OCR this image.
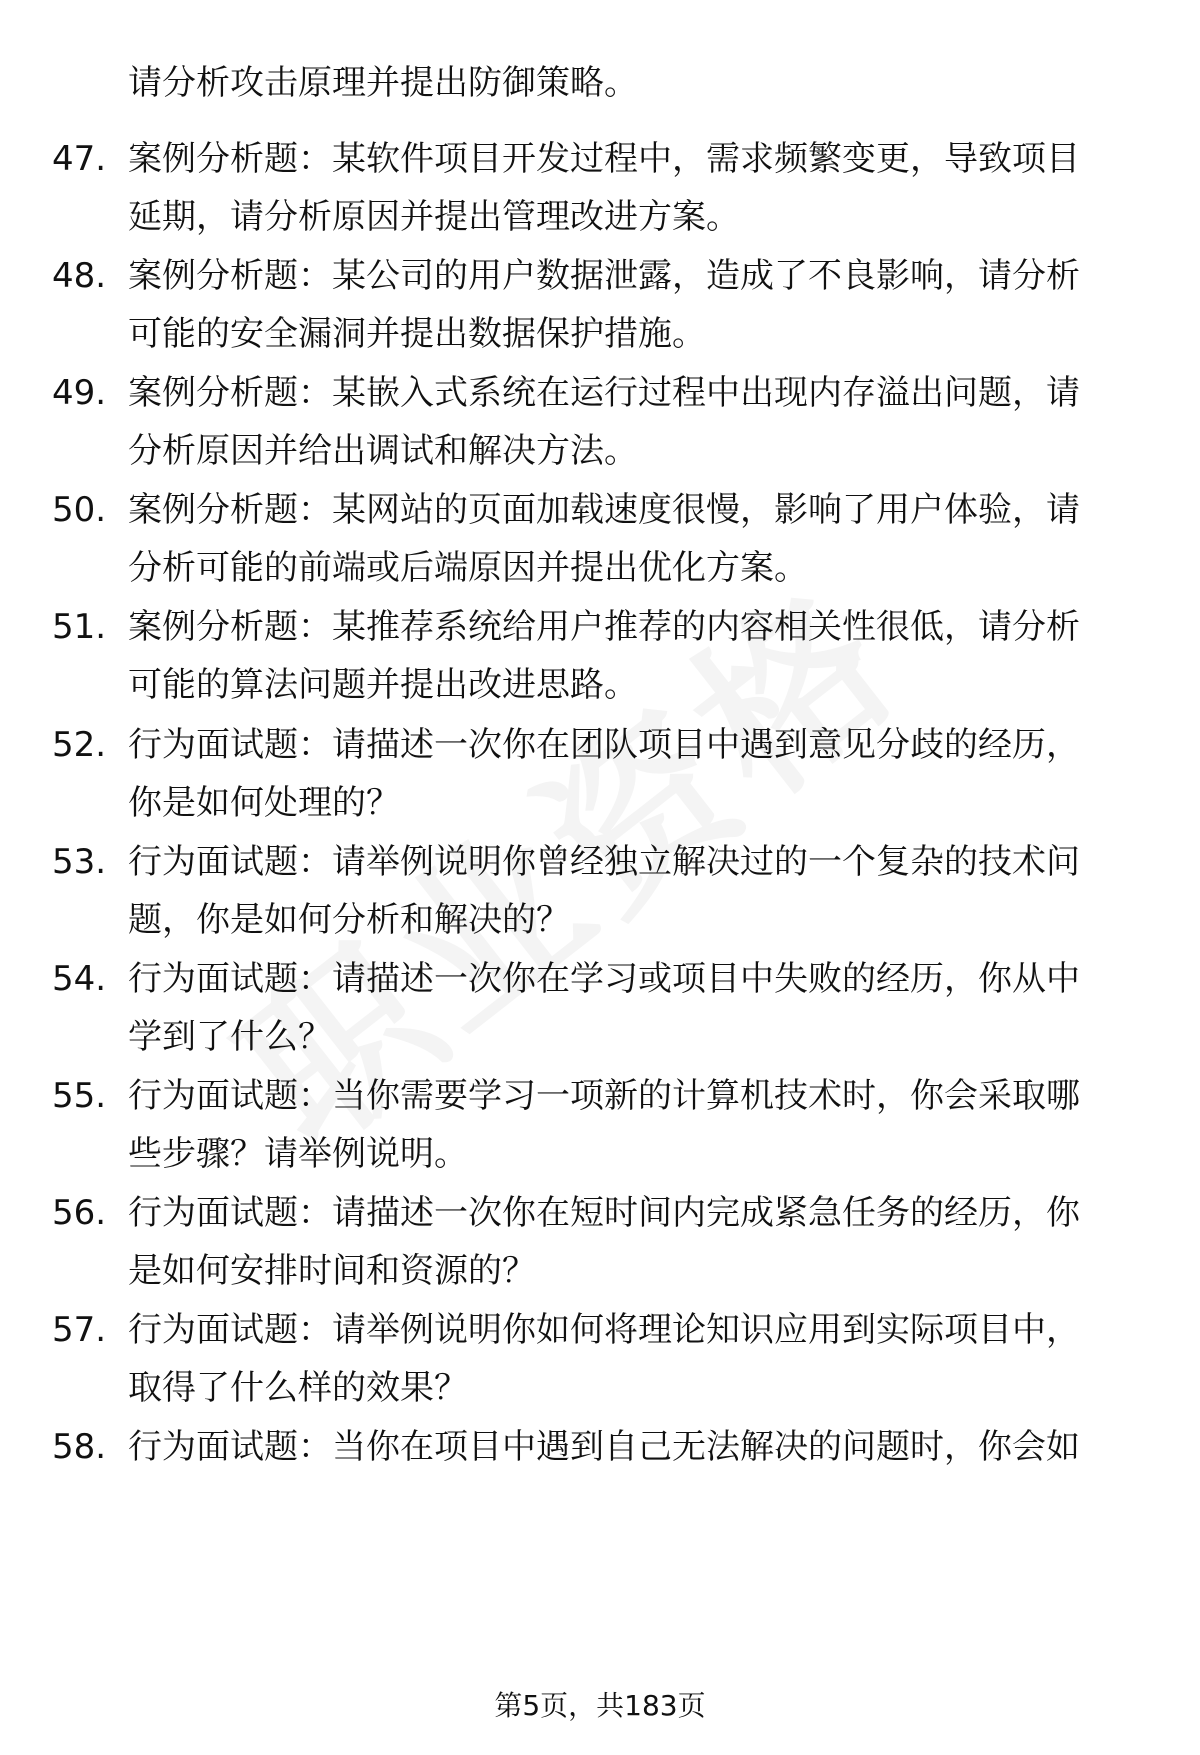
请分析攻击原理并提出防御策略。
47. 案例分析题：某软件项目开发过程中，需求频繁变更，导致项目
延期，请分析原因并提出管理改进方案。
48. 案例分析题：某公司的用户数据泄露，造成了不良影响，请分析
可能的安全漏洞并提出数据保护措施。
49. 案例分析题：某嵌入式系统在运行过程中出现内存溢出问题，请
分析原因并给出调试和解决方法。
50. 案例分析题：某网站的页面加载速度很慢，影响了用户体验，请
分析可能的前端或后端原因并提出优化方案。
51. 案例分析题：某推荐系统给用户推荐的内容相关性很低，请分析
可能的算法问题并提出改进思路。
52. 行为面试题：请描述一次你在团队项目中遇到意见分歧的经历，
你是如何处理的？
53. 行为面试题：请举例说明你曾经独立解决过的一个复杂的技术问
题，你是如何分析和解决的？
54. 行为面试题：请描述一次你在学习或项目中失败的经历，你从中
学到了什么？
55. 行为面试题：当你需要学习一项新的计算机技术时，你会采取哪
些步骤？请举例说明。
56. 行为面试题：请描述一次你在短时间内完成紧急任务的经历，你
是如何安排时间和资源的？
57. 行为面试题：请举例说明你如何将理论知识应用到实际项目中，
取得了什么样的效果？
58. 行为面试题：当你在项目中遇到自己无法解决的问题时，你会如
第5页，共183页
